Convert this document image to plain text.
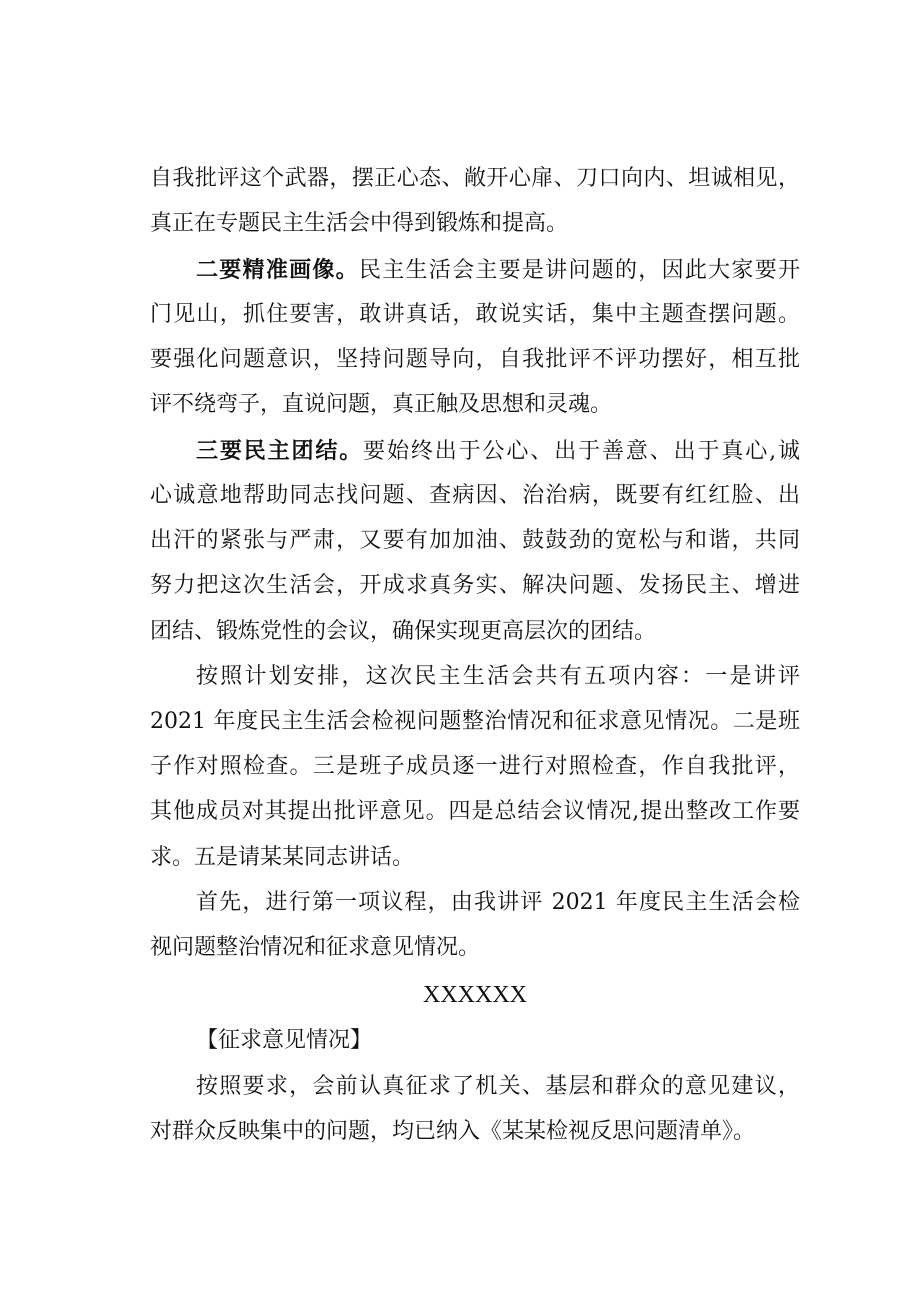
自我批评这个武器，摆正心态、敞开心扉、刀口向内、坦诚相见，
真正在专题民主生活会中得到锻炼和提高。
二要精准画像。民主生活会主要是讲问题的，因此大家要开
门见山，抓住要害，敢讲真话，敢说实话，集中主题查摆问题。
要强化问题意识，坚持问题导向，自我批评不评功摆好，相互批
评不绕弯子，直说问题，真正触及思想和灵魂。
三要民主团结。要始终出于公心、出于善意、出于真心,诚
心诚意地帮助同志找问题、查病因、治治病，既要有红红脸、出
出汗的紧张与严肃，又要有加加油、鼓鼓劲的宽松与和谐，共同
努力把这次生活会，开成求真务实、解决问题、发扬民主、增进
团结、锻炼党性的会议，确保实现更高层次的团结。
按照计划安排，这次民主生活会共有五项内容：一是讲评
2021 年度民主生活会检视问题整治情况和征求意见情况。二是班
子作对照检查。三是班子成员逐一进行对照检查，作自我批评，
其他成员对其提出批评意见。四是总结会议情况,提出整改工作要
求。五是请某某同志讲话。
首先，进行第一项议程，由我讲评 2021 年度民主生活会检
视问题整治情况和征求意见情况。
XXXXXX
【征求意见情况】
按照要求，会前认真征求了机关、基层和群众的意见建议，
对群众反映集中的问题，均已纳入《某某检视反思问题清单》。
